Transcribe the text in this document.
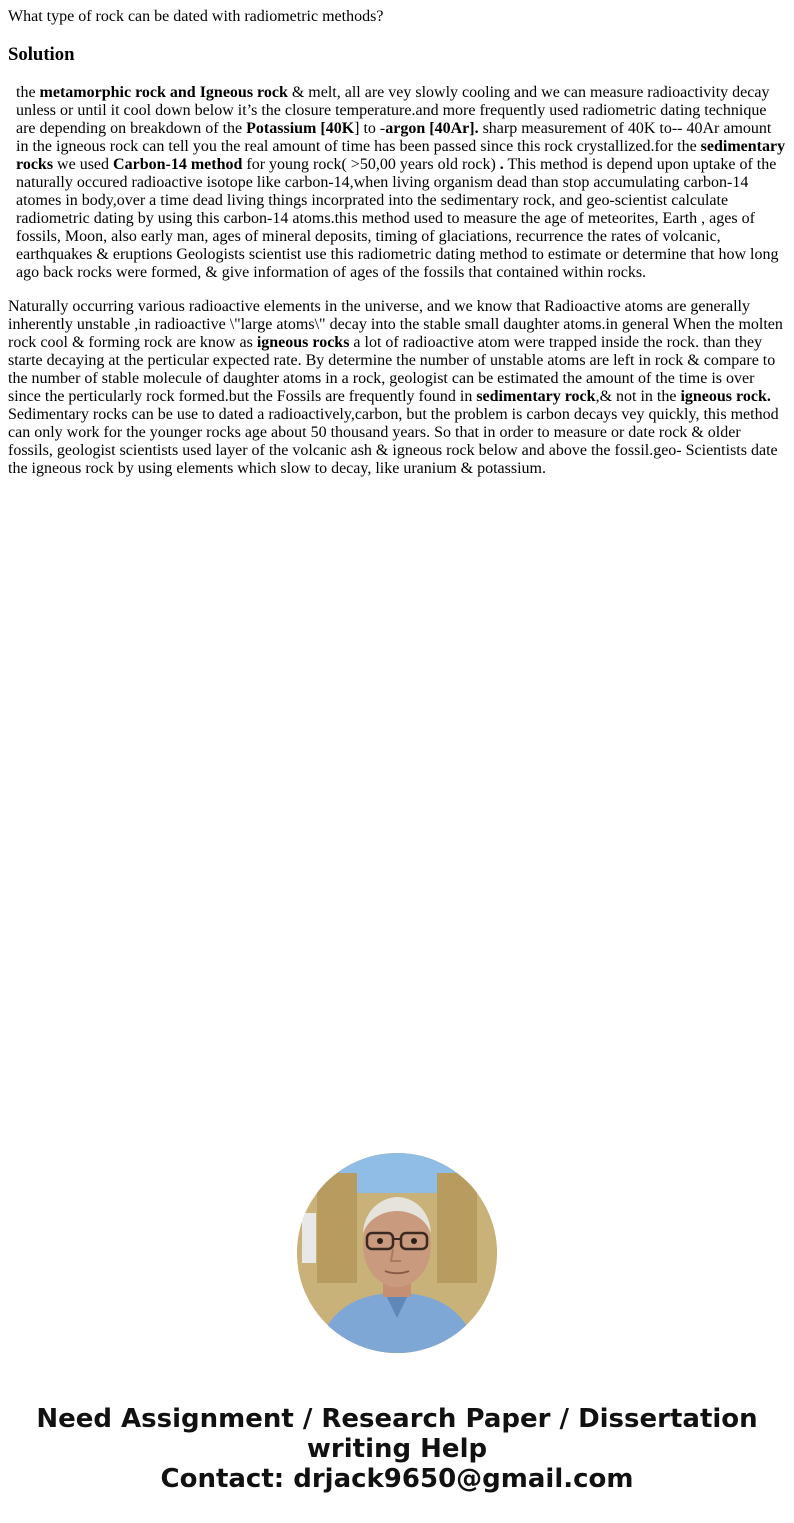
What type of rock can be dated with radiometric methods?

Solution

the metamorphic rock and Igneous rock & melt, all are vey slowly cooling and we can measure radioactivity decay unless or until it cool down below it’s the closure temperature.and more frequently used radiometric dating technique are depending on breakdown of the Potassium [40K] to -argon [40Ar]. sharp measurement of 40K to-- 40Ar amount in the igneous rock can tell you the real amount of time has been passed since this rock crystallized.for the sedimentary rocks we used Carbon-14 method for young rock( >50,00 years old rock) . This method is depend upon uptake of the naturally occured radioactive isotope like carbon-14,when living organism dead than stop accumulating carbon-14 atomes in body,over a time dead living things incorprated into the sedimentary rock, and geo-scientist calculate radiometric dating by using this carbon-14 atoms.this method used to measure the age of meteorites, Earth , ages of fossils, Moon, also early man, ages of mineral deposits, timing of glaciations, recurrence the rates of volcanic, earthquakes & eruptions Geologists scientist use this radiometric dating method to estimate or determine that how long ago back rocks were formed, & give information of ages of the fossils that contained within rocks.

Naturally occurring various radioactive elements in the universe, and we know that Radioactive atoms are generally inherently unstable ,in radioactive \"large atoms\" decay into the stable small daughter atoms.in general When the molten rock cool & forming rock are know as igneous rocks a lot of radioactive atom were trapped inside the rock. than they starte decaying at the perticular expected rate. By determine the number of unstable atoms are left in rock & compare to the number of stable molecule of daughter atoms in a rock, geologist can be estimated the amount of the time is over since the perticularly rock formed.but the Fossils are frequently found in sedimentary rock,& not in the igneous rock. Sedimentary rocks can be use to dated a radioactively,carbon, but the problem is carbon decays vey quickly, this method can only work for the younger rocks age about 50 thousand years. So that in order to measure or date rock & older fossils, geologist scientists used layer of the volcanic ash & igneous rock below and above the fossil.geo- Scientists date the igneous rock by using elements which slow to decay, like uranium & potassium.

Need Assignment / Research Paper / Dissertation writing Help
Contact: drjack9650@gmail.com
